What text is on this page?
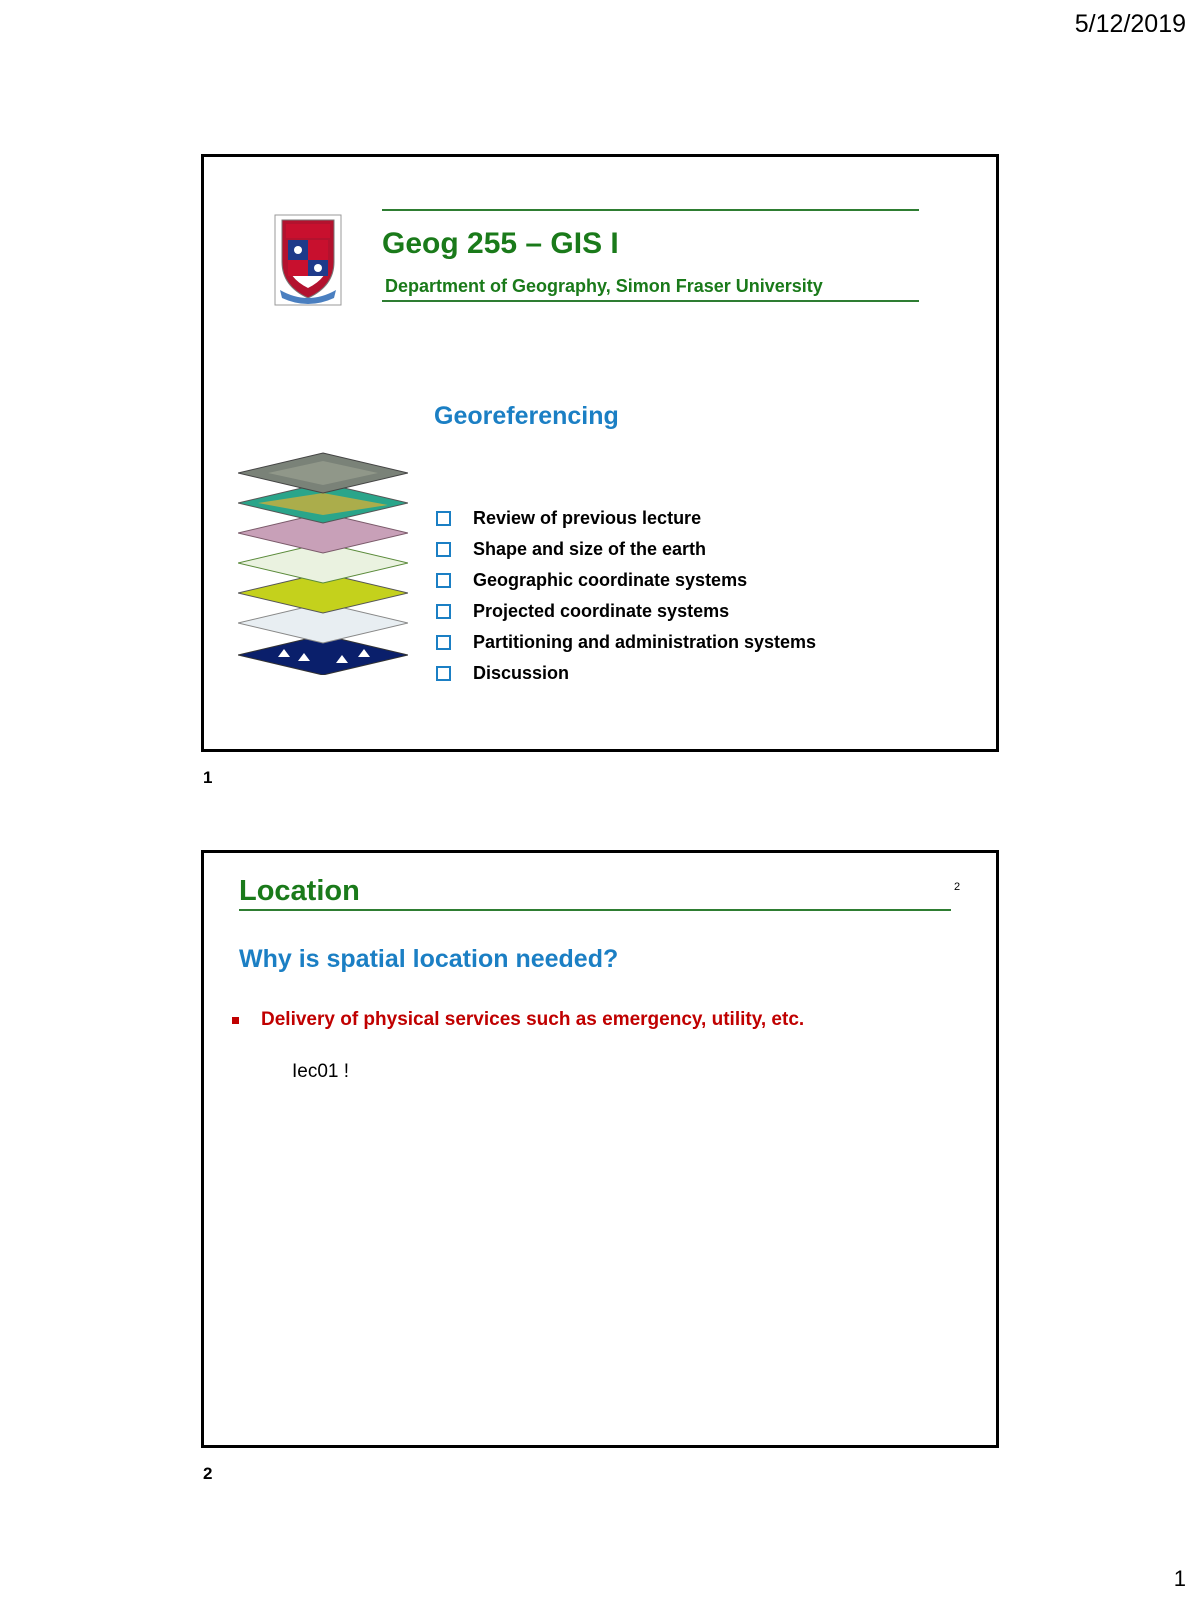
5/12/2019
Geog 255 – GIS I
Department of Geography, Simon Fraser University
Georeferencing
Review of previous lecture
Shape and size of the earth
Geographic coordinate systems
Projected coordinate systems
Partitioning and administration systems
Discussion
1
Location	2
Why is spatial location needed?
Delivery of physical services such as emergency, utility, etc.
Iec01 !
2
1
